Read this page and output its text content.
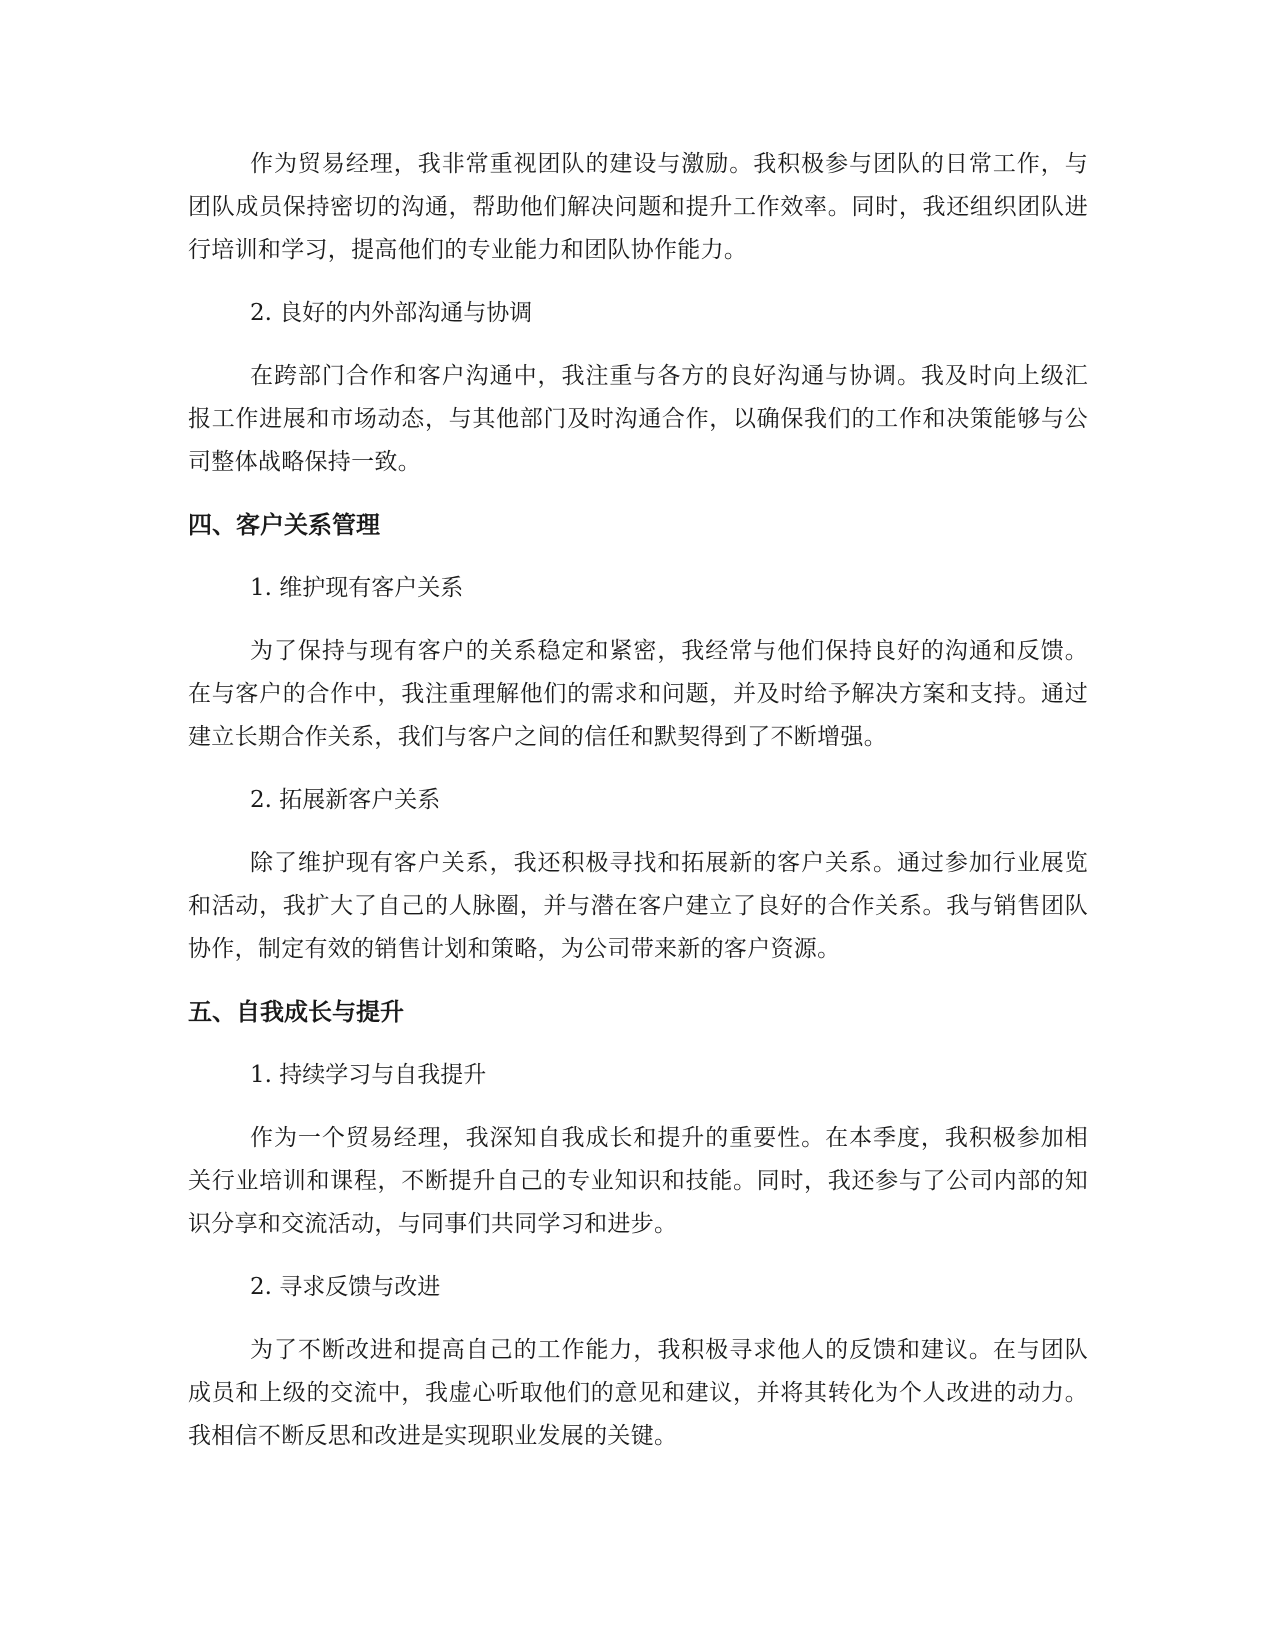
作为贸易经理，我非常重视团队的建设与激励。我积极参与团队的日常工作，与团队成员保持密切的沟通，帮助他们解决问题和提升工作效率。同时，我还组织团队进行培训和学习，提高他们的专业能力和团队协作能力。

2. 良好的内外部沟通与协调

在跨部门合作和客户沟通中，我注重与各方的良好沟通与协调。我及时向上级汇报工作进展和市场动态，与其他部门及时沟通合作，以确保我们的工作和决策能够与公司整体战略保持一致。

四、客户关系管理

1. 维护现有客户关系

为了保持与现有客户的关系稳定和紧密，我经常与他们保持良好的沟通和反馈。在与客户的合作中，我注重理解他们的需求和问题，并及时给予解决方案和支持。通过建立长期合作关系，我们与客户之间的信任和默契得到了不断增强。

2. 拓展新客户关系

除了维护现有客户关系，我还积极寻找和拓展新的客户关系。通过参加行业展览和活动，我扩大了自己的人脉圈，并与潜在客户建立了良好的合作关系。我与销售团队协作，制定有效的销售计划和策略，为公司带来新的客户资源。

五、自我成长与提升

1. 持续学习与自我提升

作为一个贸易经理，我深知自我成长和提升的重要性。在本季度，我积极参加相关行业培训和课程，不断提升自己的专业知识和技能。同时，我还参与了公司内部的知识分享和交流活动，与同事们共同学习和进步。

2. 寻求反馈与改进

为了不断改进和提高自己的工作能力，我积极寻求他人的反馈和建议。在与团队成员和上级的交流中，我虚心听取他们的意见和建议，并将其转化为个人改进的动力。我相信不断反思和改进是实现职业发展的关键。
